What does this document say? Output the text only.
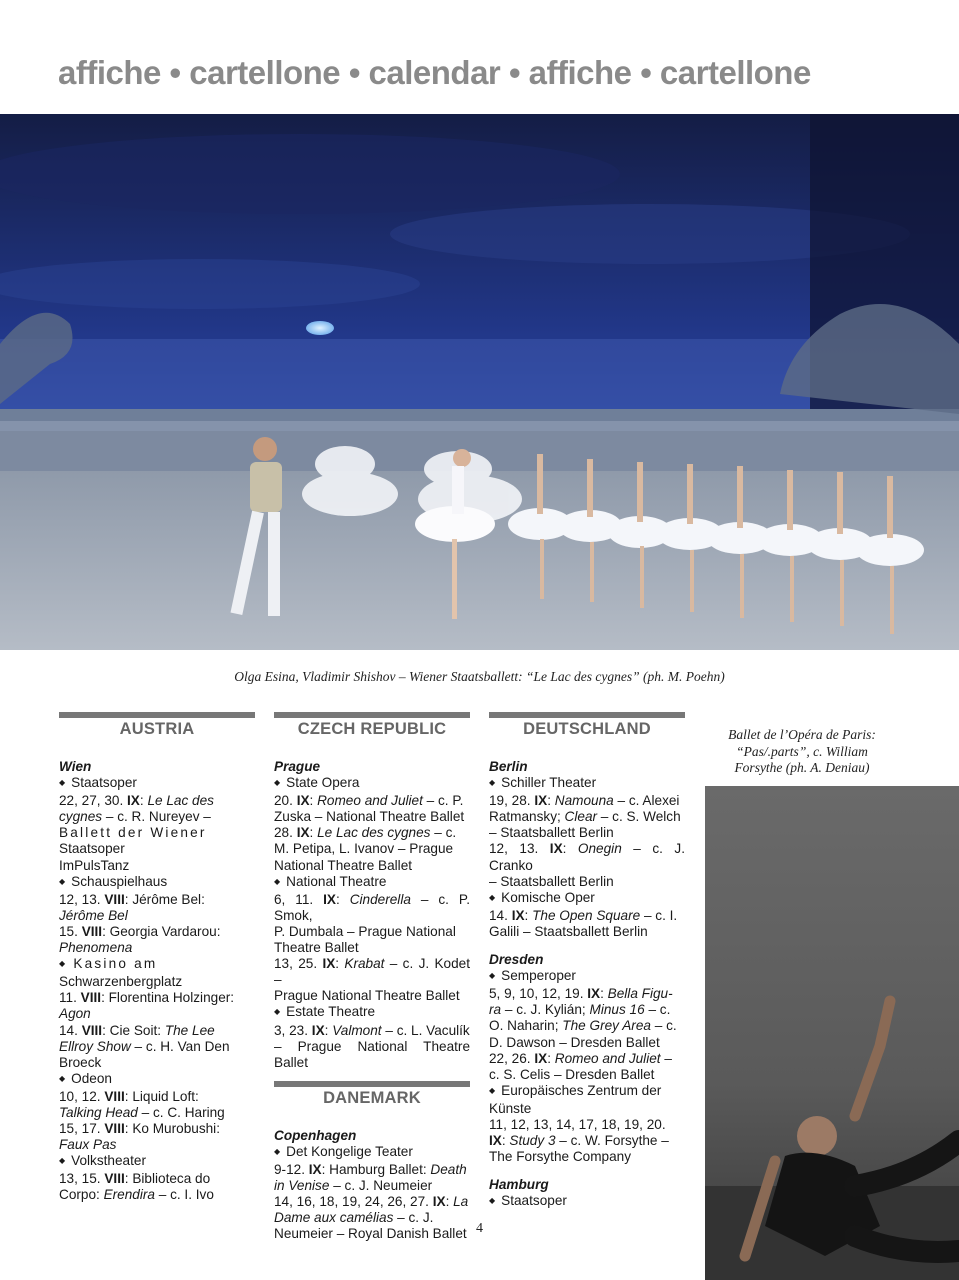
affiche • cartellone • calendar • affiche • cartellone
Olga Esina, Vladimir Shishov – Wiener Staatsballett: “Le Lac des cygnes” (ph. M. Poehn)
AUSTRIA
Wien
◆ Staatsoper
22, 27, 30. IX: Le Lac des
cygnes – c. R. Nureyev –
Ballett der Wiener
Staatsoper
ImPulsTanz
◆ Schauspielhaus
12, 13. VIII: Jérôme Bel:
Jérôme Bel
15. VIII: Georgia Vardarou:
Phenomena
◆ Kasino am
Schwarzenbergplatz
11. VIII: Florentina Holzinger:
Agon
14. VIII: Cie Soit: The Lee
Ellroy Show – c. H. Van Den
Broeck
◆ Odeon
10, 12. VIII: Liquid Loft:
Talking Head – c. C. Haring
15, 17. VIII: Ko Murobushi:
Faux Pas
◆ Volkstheater
13, 15. VIII: Biblioteca do
Corpo: Erendira – c. I. Ivo
CZECH REPUBLIC
Prague
◆ State Opera
20. IX: Romeo and Juliet – c. P.
Zuska – National Theatre Ballet
28. IX: Le Lac des cygnes – c.
M. Petipa, L. Ivanov – Prague
National Theatre Ballet
◆ National Theatre
6, 11. IX: Cinderella – c. P. Smok,
P. Dumbala – Prague National
Theatre Ballet
13, 25. IX: Krabat – c. J. Kodet –
Prague National Theatre Ballet
◆ Estate Theatre
3, 23. IX: Valmont – c. L. Vaculík
– Prague National Theatre Ballet
DANEMARK
Copenhagen
◆ Det Kongelige Teater
9-12. IX: Hamburg Ballet: Death
in Venise – c. J. Neumeier
14, 16, 18, 19, 24, 26, 27. IX: La
Dame aux camélias – c. J.
Neumeier – Royal Danish Ballet
DEUTSCHLAND
Berlin
◆ Schiller Theater
19, 28. IX: Namouna – c. Alexei
Ratmansky; Clear – c. S. Welch
– Staatsballett Berlin
12, 13. IX: Onegin – c. J. Cranko
– Staatsballett Berlin
◆ Komische Oper
14. IX: The Open Square – c. I.
Galili – Staatsballett Berlin
Dresden
◆ Semperoper
5, 9, 10, 12, 19. IX: Bella Figu-
ra – c. J. Kylián; Minus 16 – c.
O. Naharin; The Grey Area – c.
D. Dawson – Dresden Ballet
22, 26. IX: Romeo and Juliet –
c. S. Celis – Dresden Ballet
◆ Europäisches Zentrum der
Künste
11, 12, 13, 14, 17, 18, 19, 20.
IX: Study 3 – c. W. Forsythe –
The Forsythe Company
Hamburg
◆ Staatsoper
Ballet de l’Opéra de Paris:
“Pas/.parts”, c. William
Forsythe (ph. A. Deniau)
4
